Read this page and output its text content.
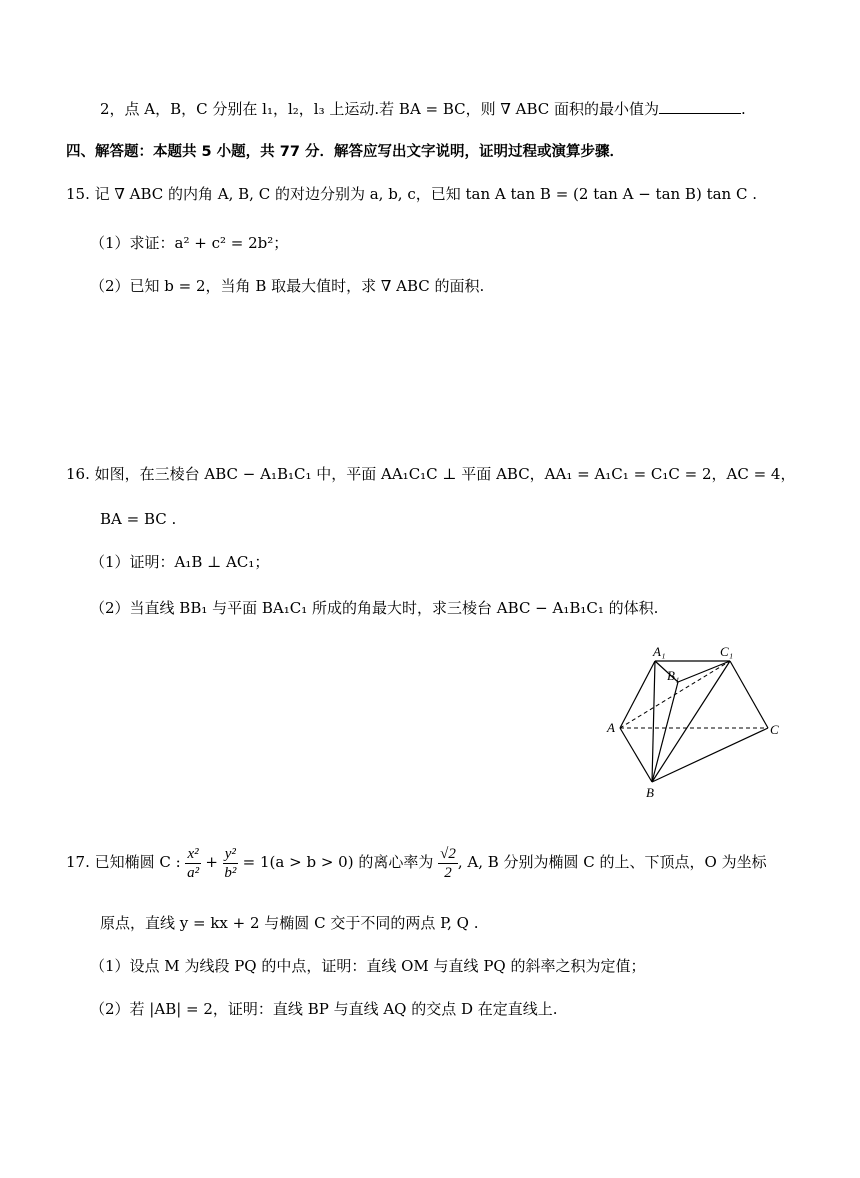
2，点 A，B，C 分别在 l₁，l₂，l₃ 上运动.若 BA = BC，则 ∇ ABC 面积的最小值为	.
四、解答题：本题共 5 小题，共 77 分．解答应写出文字说明，证明过程或演算步骤．
15. 记 ∇ ABC 的内角 A, B, C 的对边分别为 a, b, c，已知 tan A tan B = (2 tan A − tan B) tan C .
（1）求证：a² + c² = 2b²；
（2）已知 b = 2，当角 B 取最大值时，求 ∇ ABC 的面积.
16. 如图，在三棱台 ABC − A₁B₁C₁ 中，平面 AA₁C₁C ⊥ 平面 ABC，AA₁ = A₁C₁ = C₁C = 2，AC = 4，
BA = BC .
（1）证明：A₁B ⊥ AC₁；
（2）当直线 BB₁ 与平面 BA₁C₁ 所成的角最大时，求三棱台 ABC − A₁B₁C₁ 的体积.
A₁	C₁
B₁
A	C
B
17. 已知椭圆 C : $\frac{\text{x²}}{\text{a²}} + \frac{\text{y²}}{\text{b²}} = 1(a > b > 0)$ 的离心率为 $\frac{√2}{2}$ , A, B 分别为椭圆 C 的上、下顶点，O 为坐标
原点，直线 y = kx + 2 与椭圆 C 交于不同的两点 P, Q .
（1）设点 M 为线段 PQ 的中点，证明：直线 OM 与直线 PQ 的斜率之积为定值；
（2）若 |AB| = 2，证明：直线 BP 与直线 AQ 的交点 D 在定直线上.
